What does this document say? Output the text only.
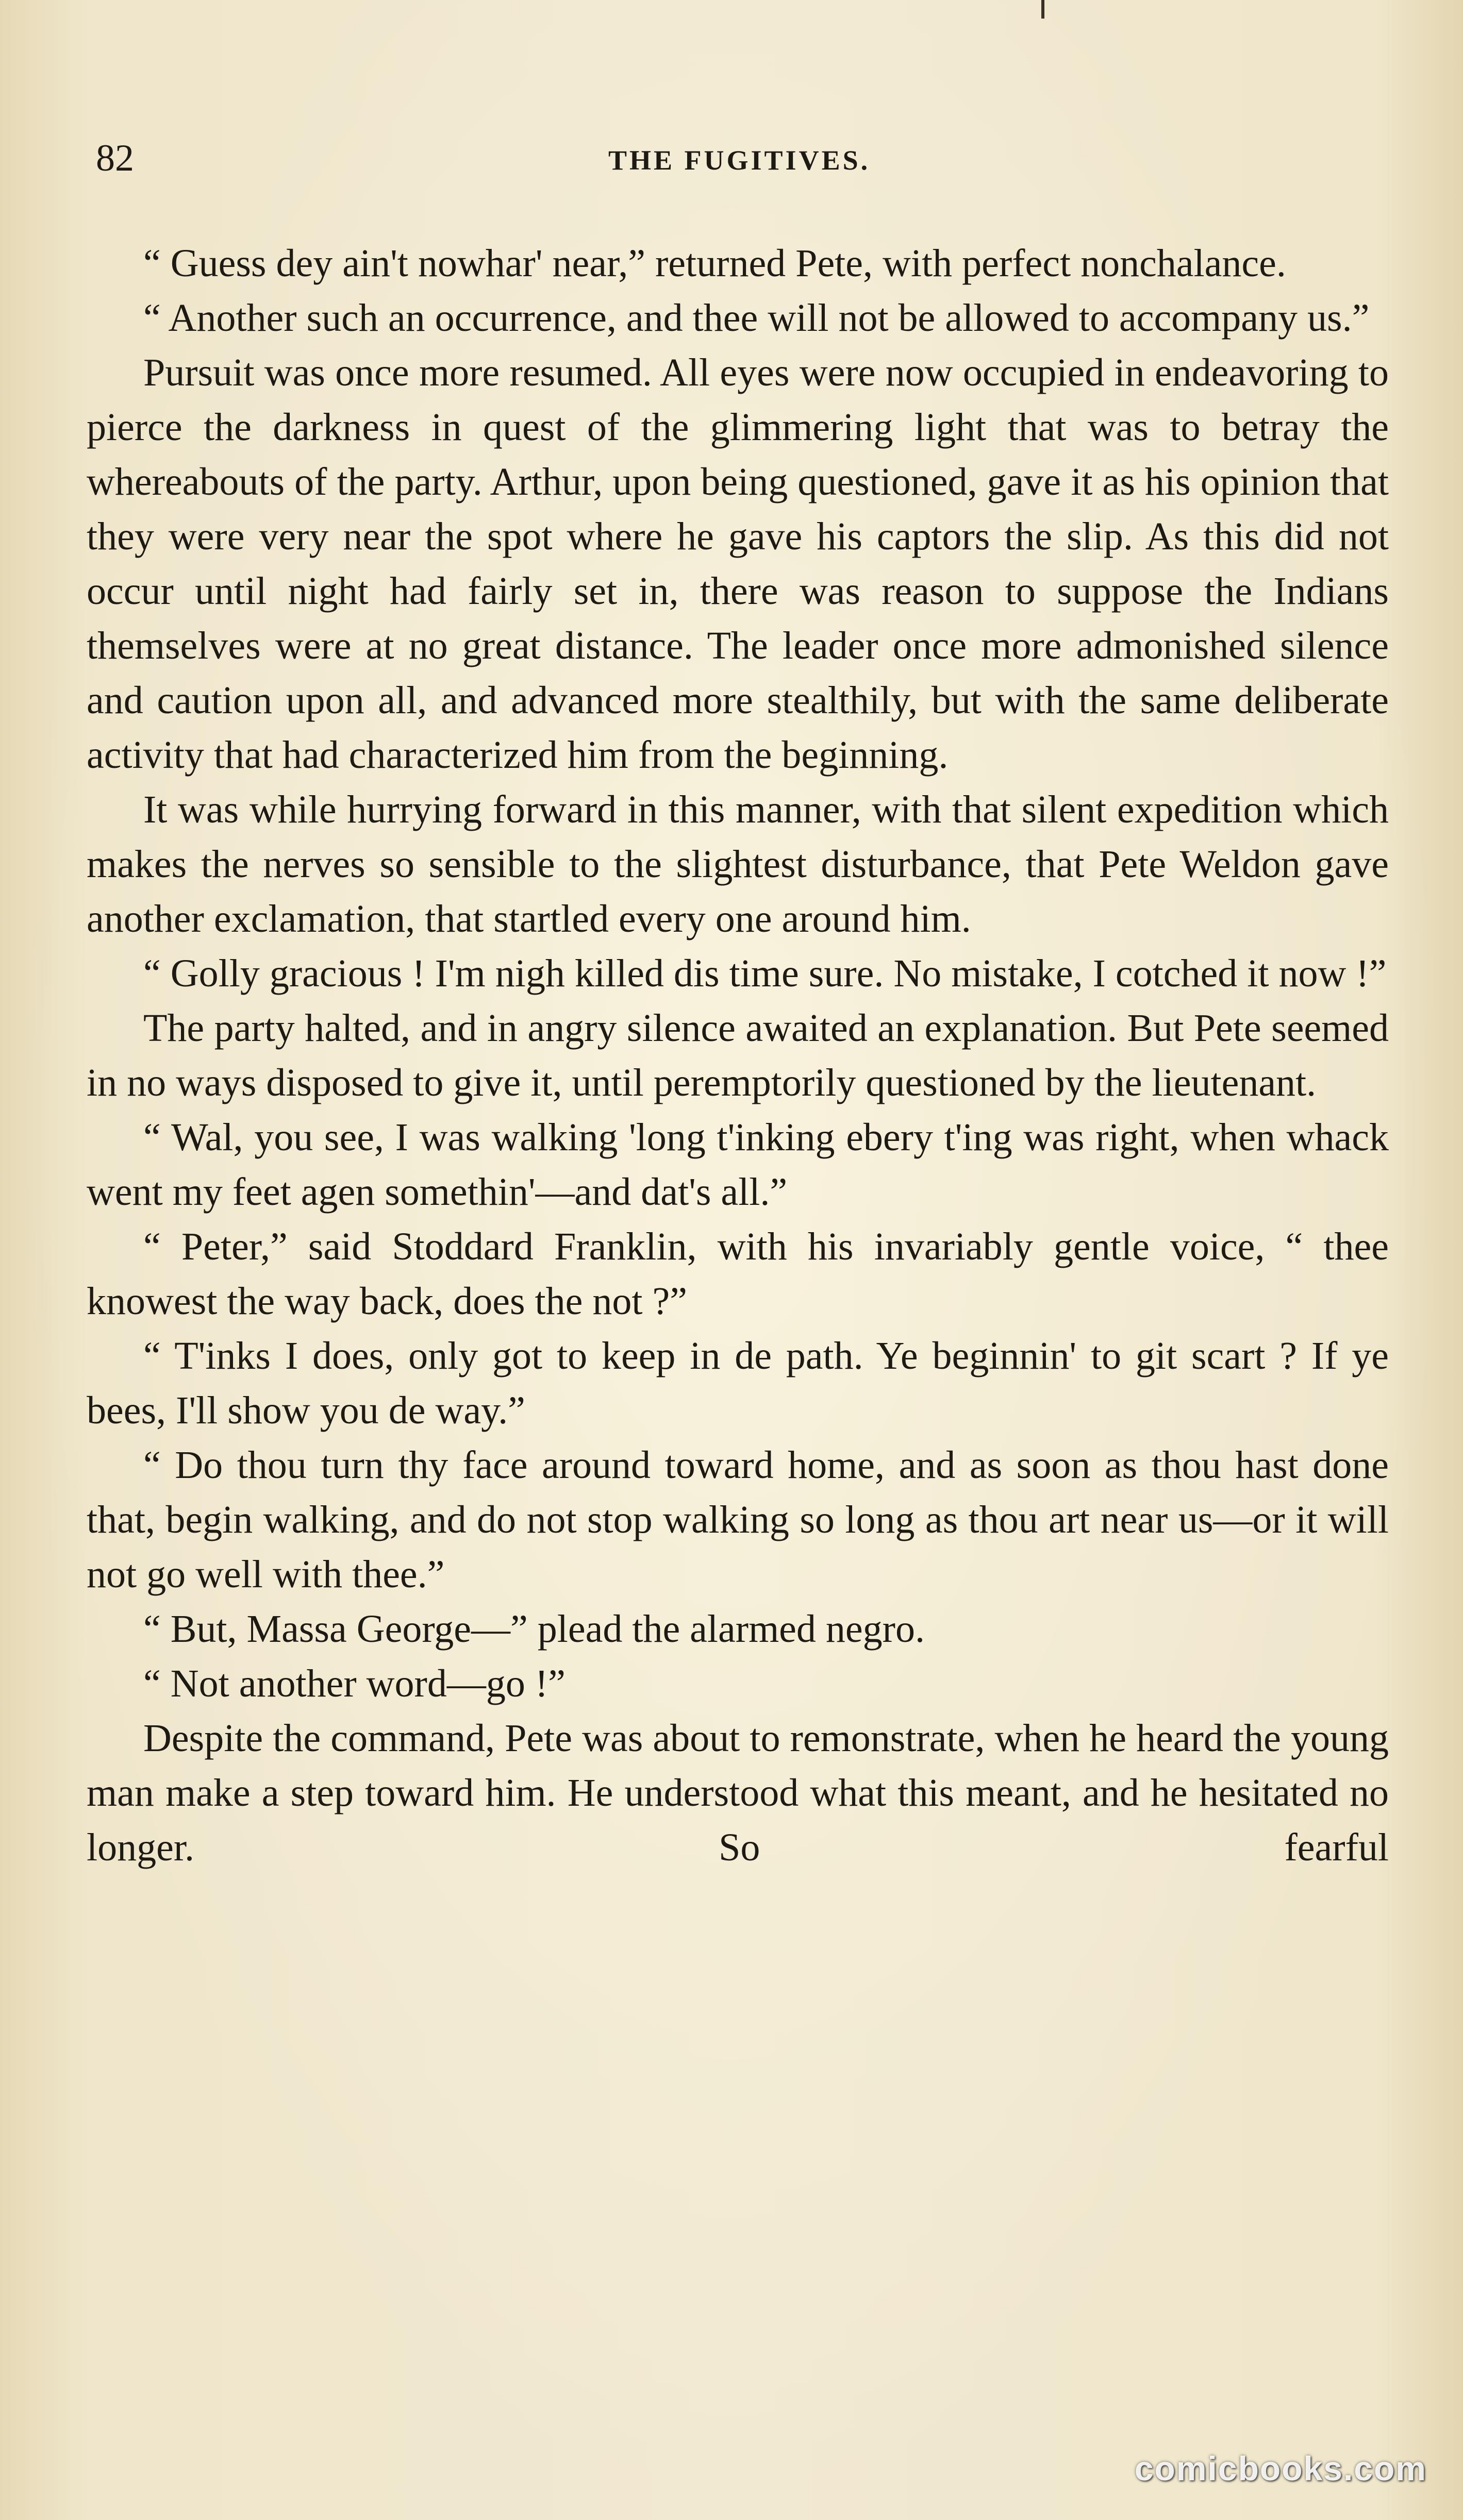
82	THE FUGITIVES.

“ Guess dey ain't nowhar' near,” returned Pete, with perfect nonchalance.

“ Another such an occurrence, and thee will not be allowed to accompany us.”

Pursuit was once more resumed. All eyes were now occupied in endeavoring to pierce the darkness in quest of the glimmering light that was to betray the whereabouts of the party. Arthur, upon being questioned, gave it as his opinion that they were very near the spot where he gave his captors the slip. As this did not occur until night had fairly set in, there was reason to suppose the Indians themselves were at no great distance. The leader once more admonished silence and caution upon all, and advanced more stealthily, but with the same deliberate activity that had characterized him from the beginning.

It was while hurrying forward in this manner, with that silent expedition which makes the nerves so sensible to the slightest disturbance, that Pete Weldon gave another exclamation, that startled every one around him.

“ Golly gracious ! I'm nigh killed dis time sure. No mistake, I cotched it now !”

The party halted, and in angry silence awaited an explanation. But Pete seemed in no ways disposed to give it, until peremptorily questioned by the lieutenant.

“ Wal, you see, I was walking 'long t'inking ebery t'ing was right, when whack went my feet agen somethin'—and dat's all.”

“ Peter,” said Stoddard Franklin, with his invariably gentle voice, “ thee knowest the way back, does the not ?”

“ T'inks I does, only got to keep in de path. Ye beginnin' to git scart ? If ye bees, I'll show you de way.”

“ Do thou turn thy face around toward home, and as soon as thou hast done that, begin walking, and do not stop walking so long as thou art near us—or it will not go well with thee.”

“ But, Massa George—” plead the alarmed negro.

“ Not another word—go !”

Despite the command, Pete was about to remonstrate, when he heard the young man make a step toward him. He understood what this meant, and he hesitated no longer. So fearful

comicbooks.com
